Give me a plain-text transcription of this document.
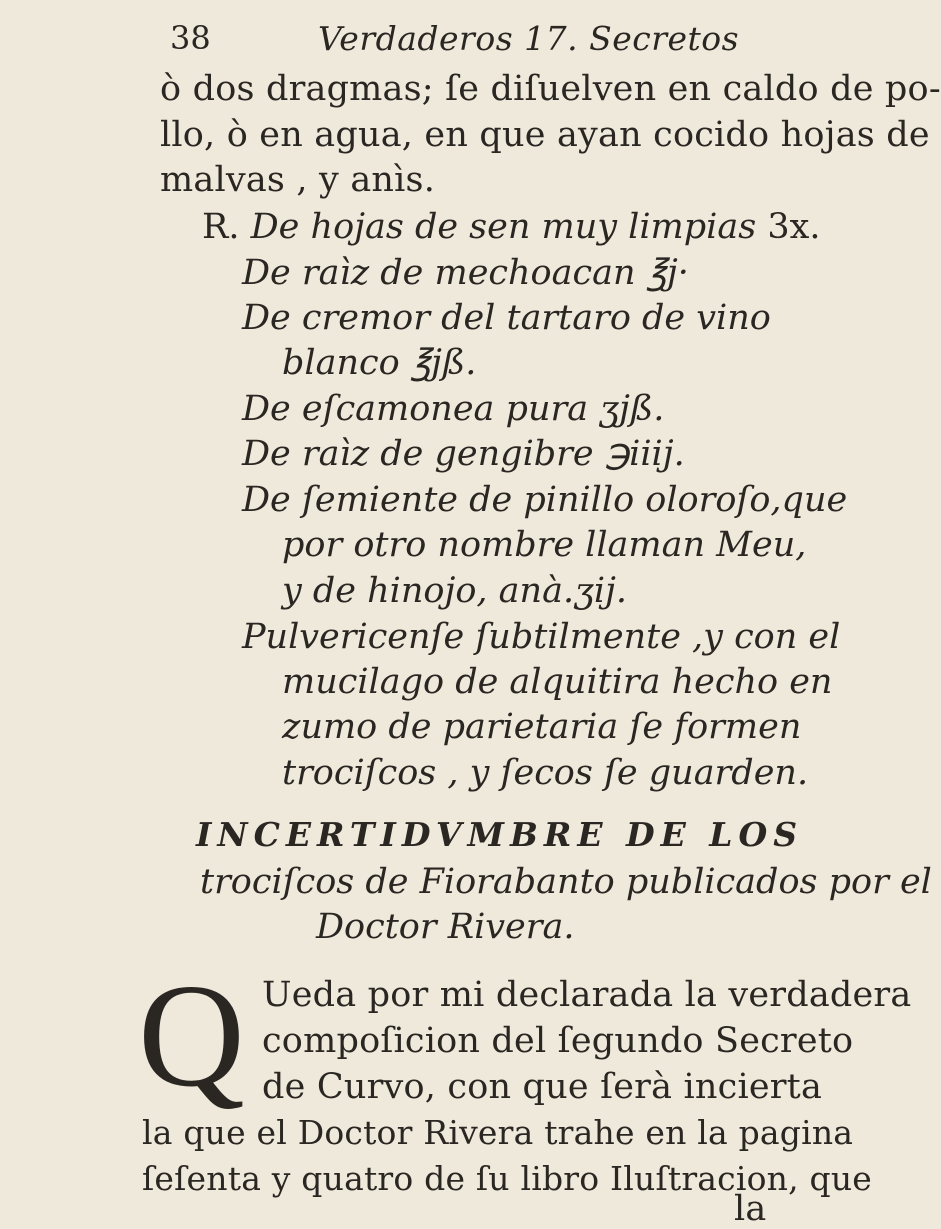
38	Verdaderos 17. Secretos
ò dos dragmas; ſe diſuelven en caldo de po-
llo, ò en agua, en que ayan cocido hojas de
malvas , y anìs.
R. De hojas de sen muy limpias 3x.
De raìz de mechoacan ℥j·
De cremor del tartaro de vino
blanco ℥jß.
De eſcamonea pura ʒjß.
De raìz de gengibre ℈iiij.
De ſemiente de pinillo oloroſo,que
por otro nombre llaman Meu,
y de hinojo, anà.ʒij.
Pulvericenſe ſubtilmente ,y con el
mucilago de alquitira hecho en
zumo de parietaria ſe formen
trociſcos , y ſecos ſe guarden.
INCERTIDVMBRE DE LOS
trociſcos de Fiorabanto publicados por el
Doctor Rivera.
Q Ueda por mi declarada la verdadera
compoſicion del ſegundo Secreto
de Curvo, con que ſerà incierta
la que el Doctor Rivera trahe en la pagina
ſeſenta y quatro de ſu libro Iluſtracion, que
la
